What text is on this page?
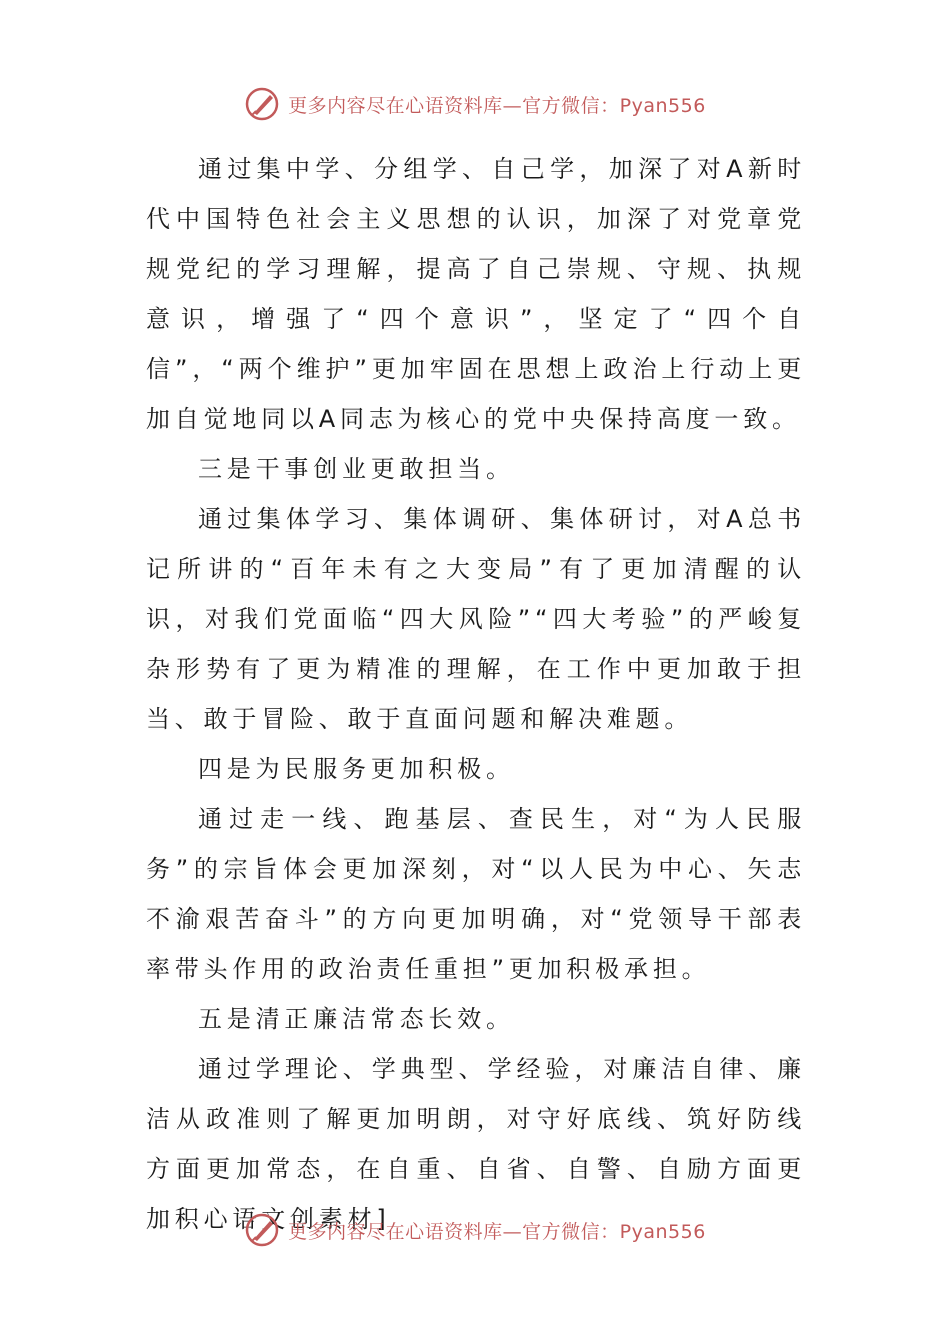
更多内容尽在心语资料库—官方微信：Pyan556

通过集中学、分组学、自己学，加深了对A新时代中国特色社会主义思想的认识，加深了对党章党规党纪的学习理解，提高了自己崇规、守规、执规意识，增强了“四个意识”，坚定了“四个自信”，“两个维护”更加牢固在思想上政治上行动上更加自觉地同以A同志为核心的党中央保持高度一致。

三是干事创业更敢担当。

通过集体学习、集体调研、集体研讨，对A总书记所讲的“百年未有之大变局”有了更加清醒的认识，对我们党面临“四大风险”“四大考验”的严峻复杂形势有了更为精准的理解，在工作中更加敢于担当、敢于冒险、敢于直面问题和解决难题。

四是为民服务更加积极。

通过走一线、跑基层、查民生，对“为人民服务”的宗旨体会更加深刻，对“以人民为中心、矢志不渝艰苦奋斗”的方向更加明确，对“党领导干部表率带头作用的政治责任重担”更加积极承担。

五是清正廉洁常态长效。

通过学理论、学典型、学经验，对廉洁自律、廉洁从政准则了解更加明朗，对守好底线、筑好防线方面更加常态，在自重、自省、自警、自励方面更加积心语文创素材]

更多内容尽在心语资料库—官方微信：Pyan556
